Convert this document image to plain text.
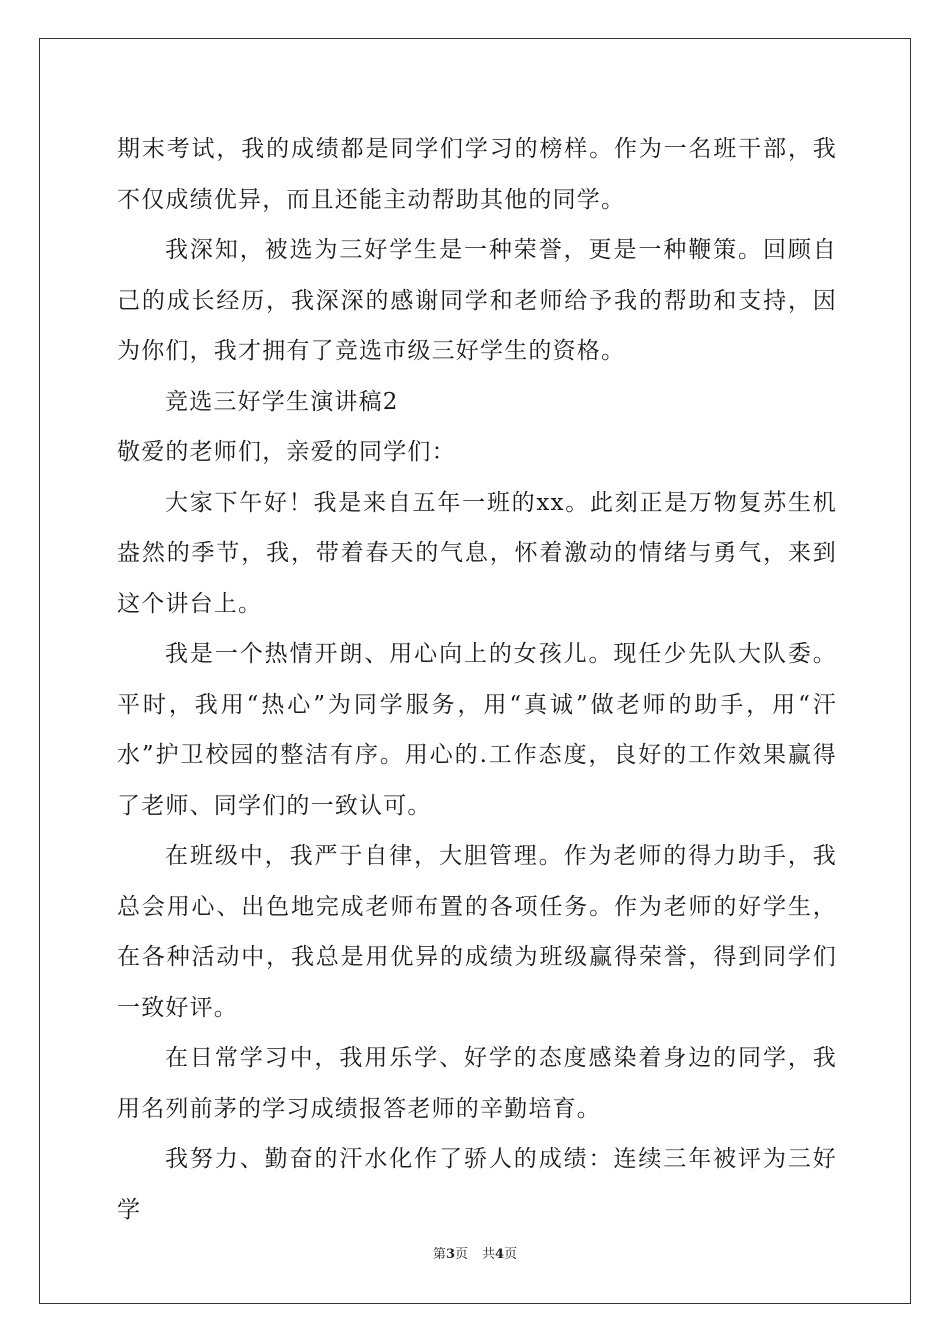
期末考试，我的成绩都是同学们学习的榜样。作为一名班干部，我不仅成绩优异，而且还能主动帮助其他的同学。

我深知，被选为三好学生是一种荣誉，更是一种鞭策。回顾自己的成长经历，我深深的感谢同学和老师给予我的帮助和支持，因为你们，我才拥有了竞选市级三好学生的资格。

竞选三好学生演讲稿2

敬爱的老师们，亲爱的同学们：

大家下午好！我是来自五年一班的xx。此刻正是万物复苏生机盎然的季节，我，带着春天的气息，怀着激动的情绪与勇气，来到这个讲台上。

我是一个热情开朗、用心向上的女孩儿。现任少先队大队委。平时，我用“热心”为同学服务，用“真诚”做老师的助手，用“汗水”护卫校园的整洁有序。用心的.工作态度，良好的工作效果赢得了老师、同学们的一致认可。

在班级中，我严于自律，大胆管理。作为老师的得力助手，我总会用心、出色地完成老师布置的各项任务。作为老师的好学生，在各种活动中，我总是用优异的成绩为班级赢得荣誉，得到同学们一致好评。

在日常学习中，我用乐学、好学的态度感染着身边的同学，我用名列前茅的学习成绩报答老师的辛勤培育。

我努力、勤奋的汗水化作了骄人的成绩：连续三年被评为三好学

第3页 共4页
